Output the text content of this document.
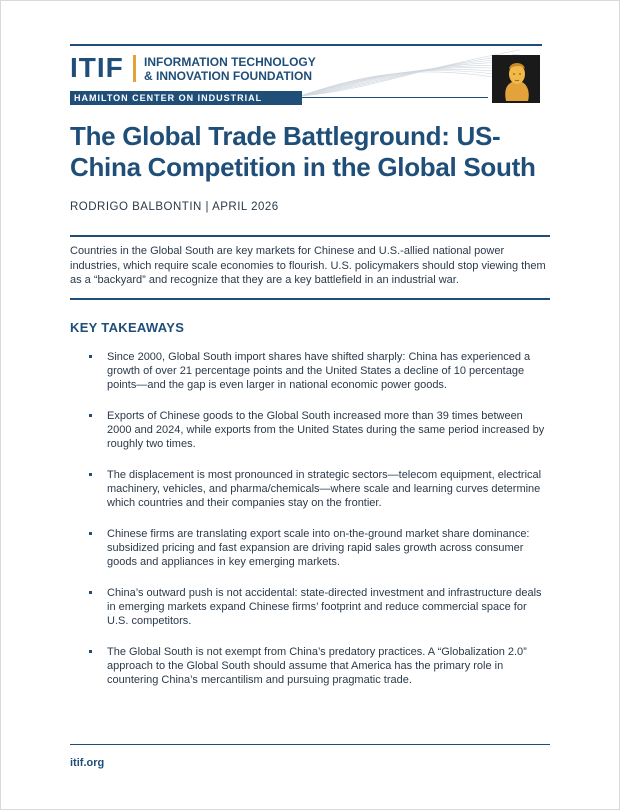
ITIF INFORMATION TECHNOLOGY
& INNOVATION FOUNDATION
HAMILTON CENTER ON INDUSTRIAL STRATEGY
The Global Trade Battleground: US-China Competition in the Global South
RODRIGO BALBONTIN | APRIL 2026
Countries in the Global South are key markets for Chinese and U.S.-allied national power industries, which require scale economies to flourish. U.S. policymakers should stop viewing them as a “backyard” and recognize that they are a key battlefield in an industrial war.
KEY TAKEAWAYS
Since 2000, Global South import shares have shifted sharply: China has experienced a growth of over 21 percentage points and the United States a decline of 10 percentage points—and the gap is even larger in national economic power goods.
Exports of Chinese goods to the Global South increased more than 39 times between 2000 and 2024, while exports from the United States during the same period increased by roughly two times.
The displacement is most pronounced in strategic sectors—telecom equipment, electrical machinery, vehicles, and pharma/chemicals—where scale and learning curves determine which countries and their companies stay on the frontier.
Chinese firms are translating export scale into on-the-ground market share dominance: subsidized pricing and fast expansion are driving rapid sales growth across consumer goods and appliances in key emerging markets.
China’s outward push is not accidental: state-directed investment and infrastructure deals in emerging markets expand Chinese firms’ footprint and reduce commercial space for U.S. competitors.
The Global South is not exempt from China’s predatory practices. A “Globalization 2.0” approach to the Global South should assume that America has the primary role in countering China’s mercantilism and pursuing pragmatic trade.
itif.org
